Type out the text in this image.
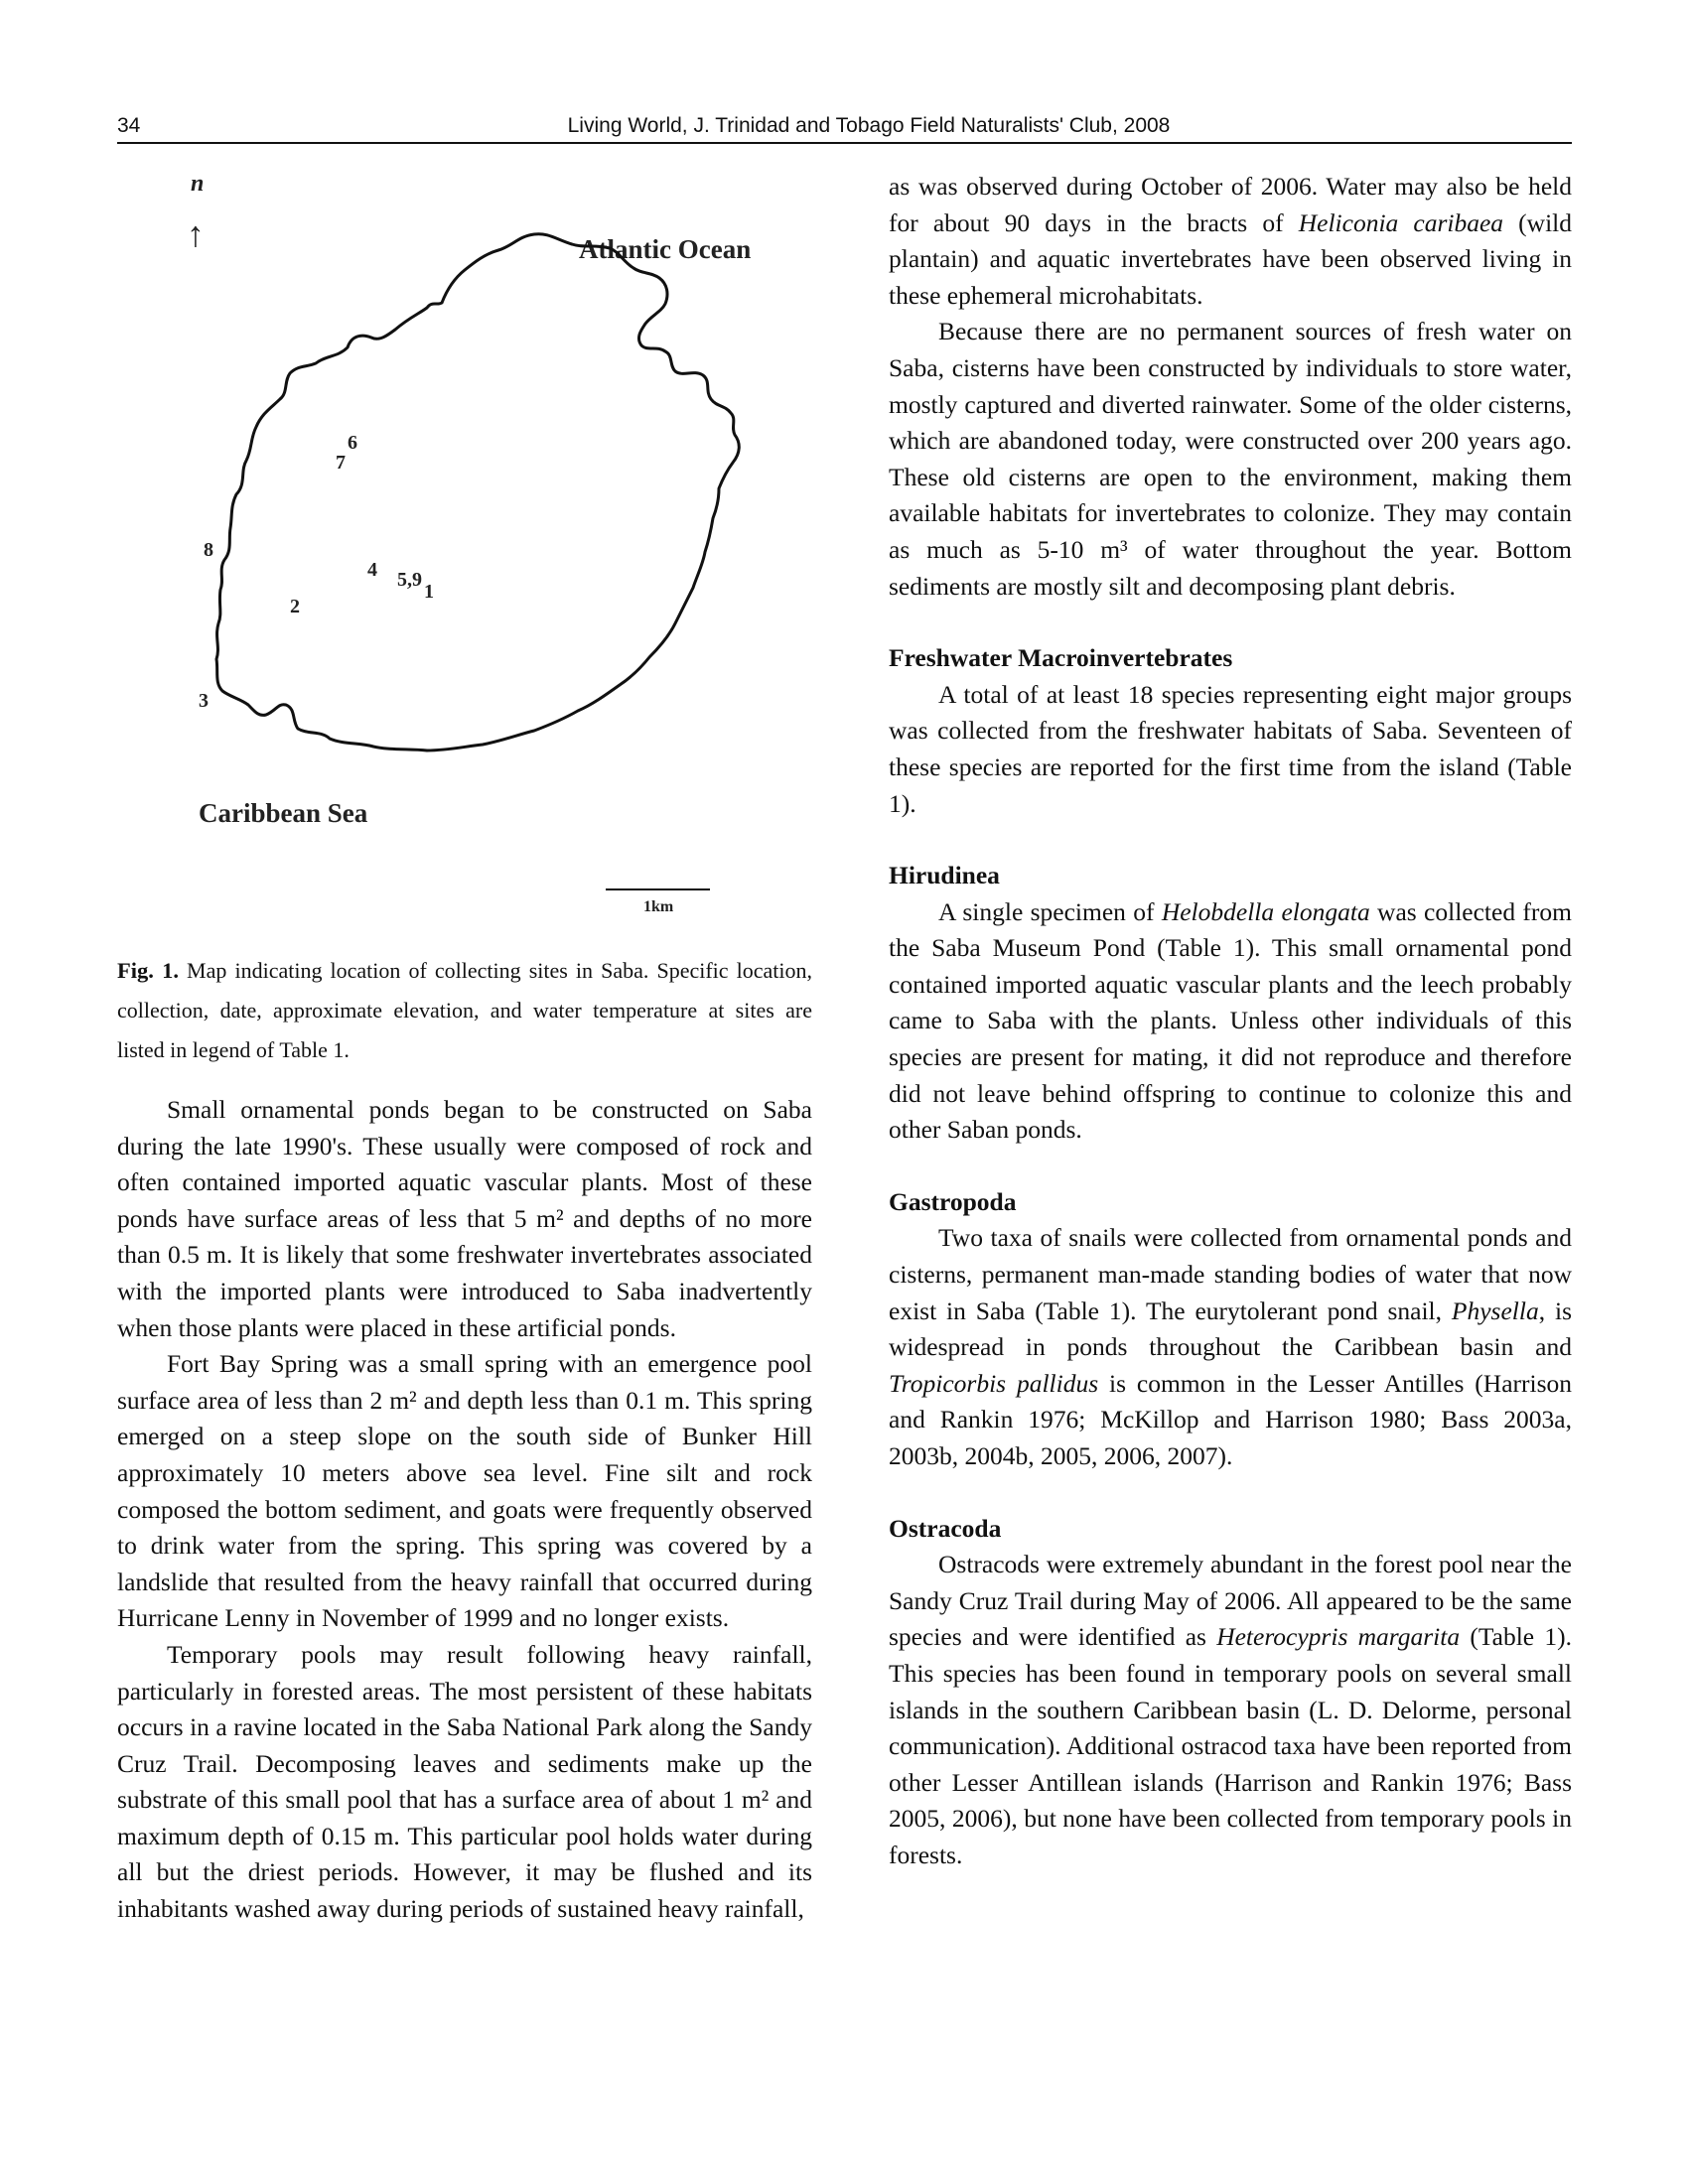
34	Living World, J. Trinidad and Tobago Field Naturalists' Club, 2008
n
↑	Atlantic Ocean
6
7
8
4 5,9
1
2
3
Caribbean Sea
1km
Fig. 1. Map indicating location of collecting sites in Saba. Specific location, collection, date, approximate elevation, and water temperature at sites are listed in legend of Table 1.

Small ornamental ponds began to be constructed on Saba during the late 1990's. These usually were composed of rock and often contained imported aquatic vascular plants. Most of these ponds have surface areas of less that 5 m² and depths of no more than 0.5 m. It is likely that some freshwater invertebrates associated with the imported plants were introduced to Saba inadvertently when those plants were placed in these artificial ponds.

Fort Bay Spring was a small spring with an emergence pool surface area of less than 2 m² and depth less than 0.1 m. This spring emerged on a steep slope on the south side of Bunker Hill approximately 10 meters above sea level. Fine silt and rock composed the bottom sediment, and goats were frequently observed to drink water from the spring. This spring was covered by a landslide that resulted from the heavy rainfall that occurred during Hurricane Lenny in November of 1999 and no longer exists.

Temporary pools may result following heavy rainfall, particularly in forested areas. The most persistent of these habitats occurs in a ravine located in the Saba National Park along the Sandy Cruz Trail. Decomposing leaves and sediments make up the substrate of this small pool that has a surface area of about 1 m² and maximum depth of 0.15 m. This particular pool holds water during all but the driest periods. However, it may be flushed and its inhabitants washed away during periods of sustained heavy rainfall,

as was observed during October of 2006. Water may also be held for about 90 days in the bracts of Heliconia caribaea (wild plantain) and aquatic invertebrates have been observed living in these ephemeral microhabitats.

Because there are no permanent sources of fresh water on Saba, cisterns have been constructed by individuals to store water, mostly captured and diverted rainwater. Some of the older cisterns, which are abandoned today, were constructed over 200 years ago. These old cisterns are open to the environment, making them available habitats for invertebrates to colonize. They may contain as much as 5-10 m³ of water throughout the year. Bottom sediments are mostly silt and decomposing plant debris.

Freshwater Macroinvertebrates

A total of at least 18 species representing eight major groups was collected from the freshwater habitats of Saba. Seventeen of these species are reported for the first time from the island (Table 1).

Hirudinea

A single specimen of Helobdella elongata was collected from the Saba Museum Pond (Table 1). This small ornamental pond contained imported aquatic vascular plants and the leech probably came to Saba with the plants. Unless other individuals of this species are present for mating, it did not reproduce and therefore did not leave behind offspring to continue to colonize this and other Saban ponds.

Gastropoda

Two taxa of snails were collected from ornamental ponds and cisterns, permanent man-made standing bodies of water that now exist in Saba (Table 1). The eurytolerant pond snail, Physella, is widespread in ponds throughout the Caribbean basin and Tropicorbis pallidus is common in the Lesser Antilles (Harrison and Rankin 1976; McKillop and Harrison 1980; Bass 2003a, 2003b, 2004b, 2005, 2006, 2007).

Ostracoda

Ostracods were extremely abundant in the forest pool near the Sandy Cruz Trail during May of 2006. All appeared to be the same species and were identified as Heterocypris margarita (Table 1). This species has been found in temporary pools on several small islands in the southern Caribbean basin (L. D. Delorme, personal communication). Additional ostracod taxa have been reported from other Lesser Antillean islands (Harrison and Rankin 1976; Bass 2005, 2006), but none have been collected from temporary pools in forests.
